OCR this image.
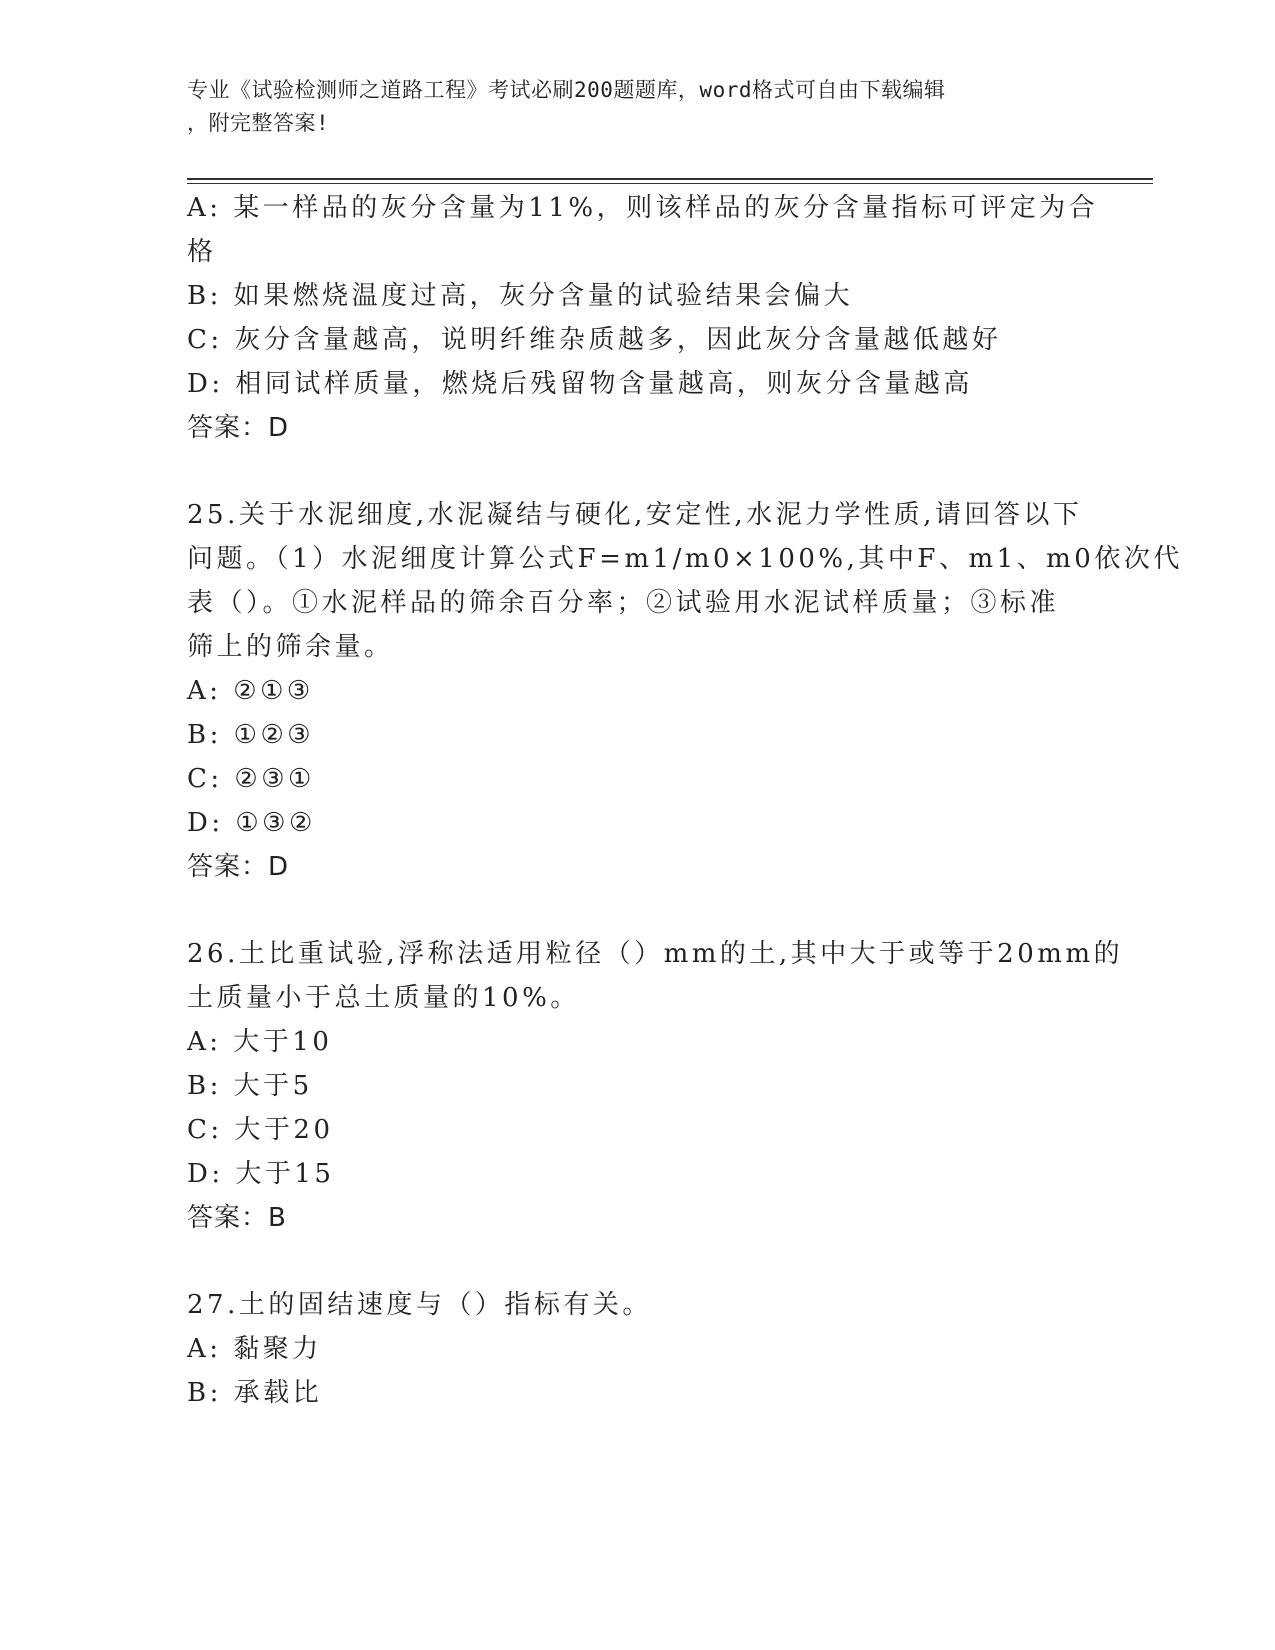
专业《试验检测师之道路工程》考试必刷200题题库，word格式可自由下载编辑
，附完整答案!
A: 某一样品的灰分含量为11%，则该样品的灰分含量指标可评定为合
格
B: 如果燃烧温度过高，灰分含量的试验结果会偏大
C: 灰分含量越高，说明纤维杂质越多，因此灰分含量越低越好
D: 相同试样质量，燃烧后残留物含量越高，则灰分含量越高
答案：D
25.关于水泥细度,水泥凝结与硬化,安定性,水泥力学性质,请回答以下
问题。（1）水泥细度计算公式F=m1/m0×100%,其中F、m1、m0依次代
表（）。①水泥样品的筛余百分率；②试验用水泥试样质量；③标准
筛上的筛余量。
A: ②①③
B: ①②③
C: ②③①
D: ①③②
答案：D
26.土比重试验,浮称法适用粒径（）mm的土,其中大于或等于20mm的
土质量小于总土质量的10%。
A: 大于10
B: 大于5
C: 大于20
D: 大于15
答案：B
27.土的固结速度与（）指标有关。
A: 黏聚力
B: 承载比
